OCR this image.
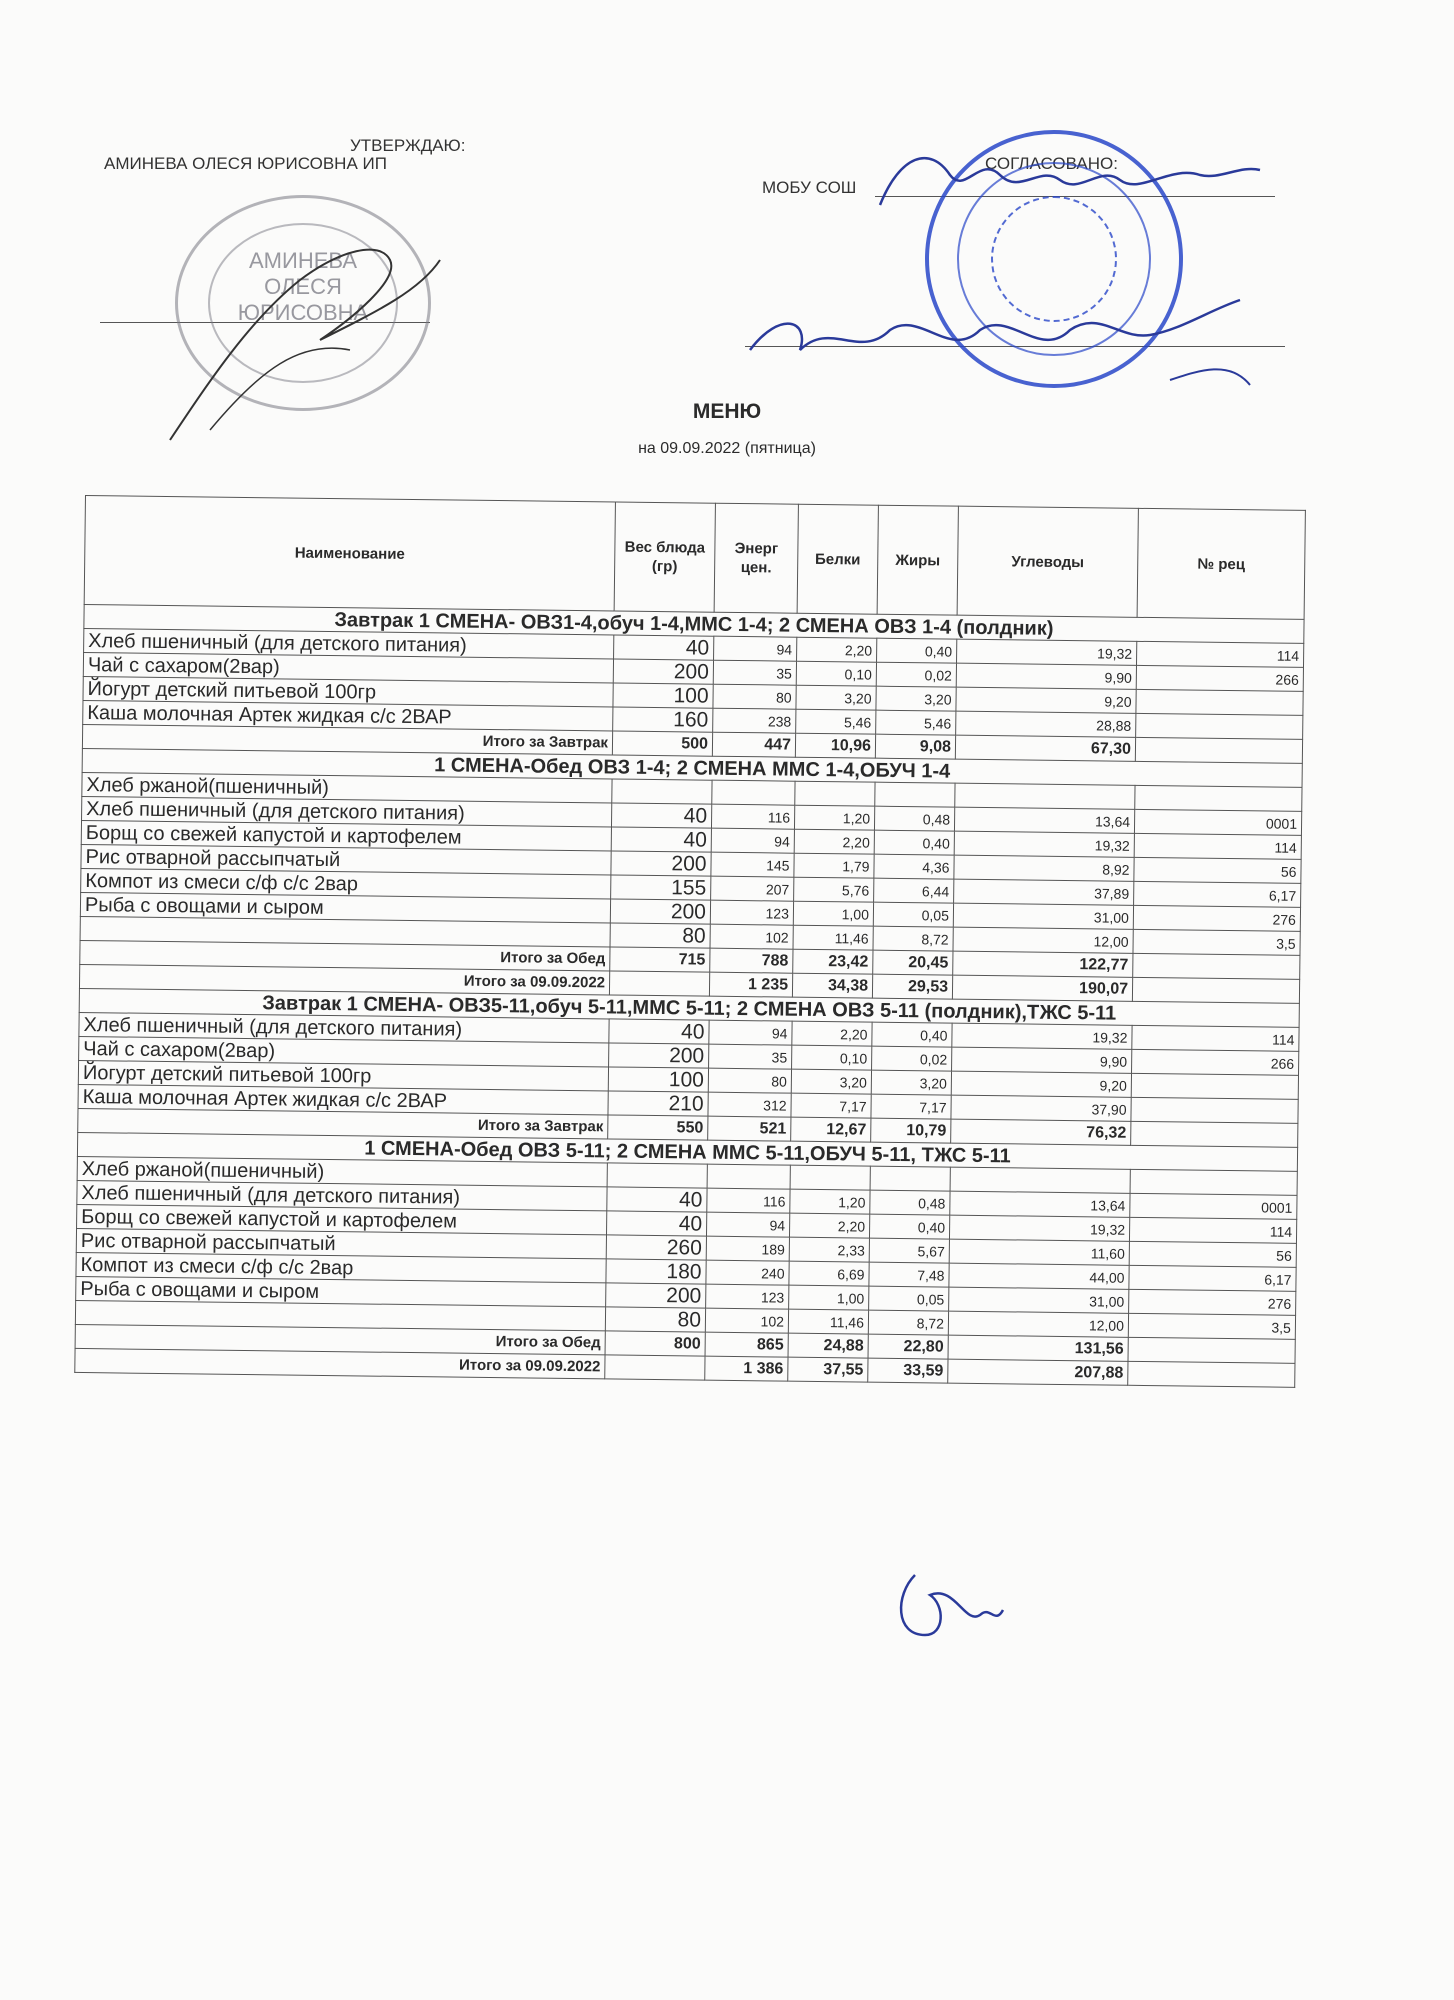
УТВЕРЖДАЮ:
АМИНЕВА ОЛЕСЯ ЮРИСОВНА ИП	СОГЛАСОВАНО:
МОБУ СОШ
АМИНЕВА
ОЛЕСЯ
ЮРИСОВНА
МЕНЮ
на 09.09.2022 (пятница)
Наименование	Вес блюда (гр)	Энерг цен.	Белки	Жиры	Углеводы	№ рец
Завтрак 1 СМЕНА- ОВЗ1-4,обуч 1-4,ММС 1-4; 2 СМЕНА ОВЗ 1-4 (полдник)						
Хлеб пшеничный (для детского питания)	40	94	2,20	0,40	19,32	114
Чай с сахаром(2вар)	200	35	0,10	0,02	9,90	266
Йогурт детский питьевой 100гр	100	80	3,20	3,20	9,20	
Каша молочная Артек жидкая с/с 2ВАР	160	238	5,46	5,46	28,88	
Итого за Завтрак	500	447	10,96	9,08	67,30	
1 СМЕНА-Обед ОВЗ 1-4; 2 СМЕНА ММС 1-4,ОБУЧ 1-4						
Хлеб ржаной(пшеничный)						
Хлеб пшеничный (для детского питания)	40	116	1,20	0,48	13,64	0001
Борщ со свежей капустой и картофелем	40	94	2,20	0,40	19,32	114
Рис отварной рассыпчатый	200	145	1,79	4,36	8,92	56
Компот из смеси с/ф с/с 2вар	155	207	5,76	6,44	37,89	6,17
Рыба с овощами и сыром	200	123	1,00	0,05	31,00	276
	80	102	11,46	8,72	12,00	3,5
Итого за Обед	715	788	23,42	20,45	122,77	
Итого за 09.09.2022		1 235	34,38	29,53	190,07	
Завтрак 1 СМЕНА- ОВЗ5-11,обуч 5-11,ММС 5-11; 2 СМЕНА ОВЗ 5-11 (полдник),ТЖС 5-11						
Хлеб пшеничный (для детского питания)	40	94	2,20	0,40	19,32	114
Чай с сахаром(2вар)	200	35	0,10	0,02	9,90	266
Йогурт детский питьевой 100гр	100	80	3,20	3,20	9,20	
Каша молочная Артек жидкая с/с 2ВАР	210	312	7,17	7,17	37,90	
Итого за Завтрак	550	521	12,67	10,79	76,32	
1 СМЕНА-Обед ОВЗ 5-11; 2 СМЕНА ММС 5-11,ОБУЧ 5-11, ТЖС 5-11						
Хлеб ржаной(пшеничный)						
Хлеб пшеничный (для детского питания)	40	116	1,20	0,48	13,64	0001
Борщ со свежей капустой и картофелем	40	94	2,20	0,40	19,32	114
Рис отварной рассыпчатый	260	189	2,33	5,67	11,60	56
Компот из смеси с/ф с/с 2вар	180	240	6,69	7,48	44,00	6,17
Рыба с овощами и сыром	200	123	1,00	0,05	31,00	276
	80	102	11,46	8,72	12,00	3,5
Итого за Обед	800	865	24,88	22,80	131,56	
Итого за 09.09.2022		1 386	37,55	33,59	207,88	
